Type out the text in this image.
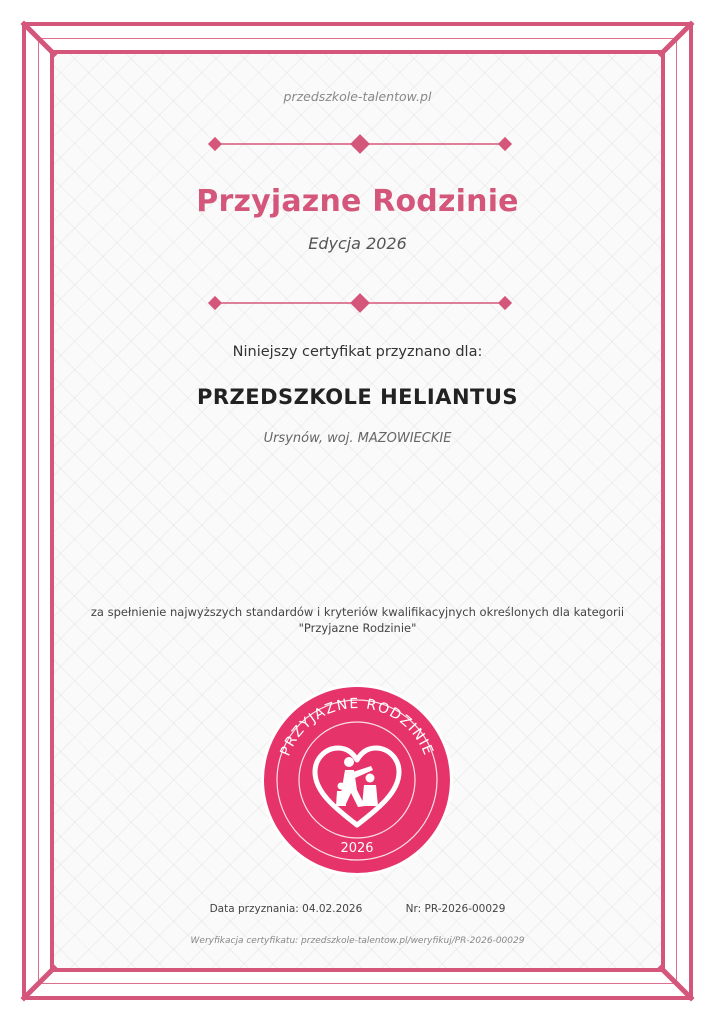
przedszkole-talentow.pl
Przyjazne Rodzinie
Edycja 2026
Niniejszy certyfikat przyznano dla:
PRZEDSZKOLE HELIANTUS
Ursynów, woj. MAZOWIECKIE
za spełnienie najwyższych standardów i kryteriów kwalifikacyjnych określonych dla kategorii
"Przyjazne Rodzinie"
PRZYJAZNE RODZINIE
2026
Data przyznania: 04.02.2026	Nr: PR-2026-00029
Weryfikacja certyfikatu: przedszkole-talentow.pl/weryfikuj/PR-2026-00029
